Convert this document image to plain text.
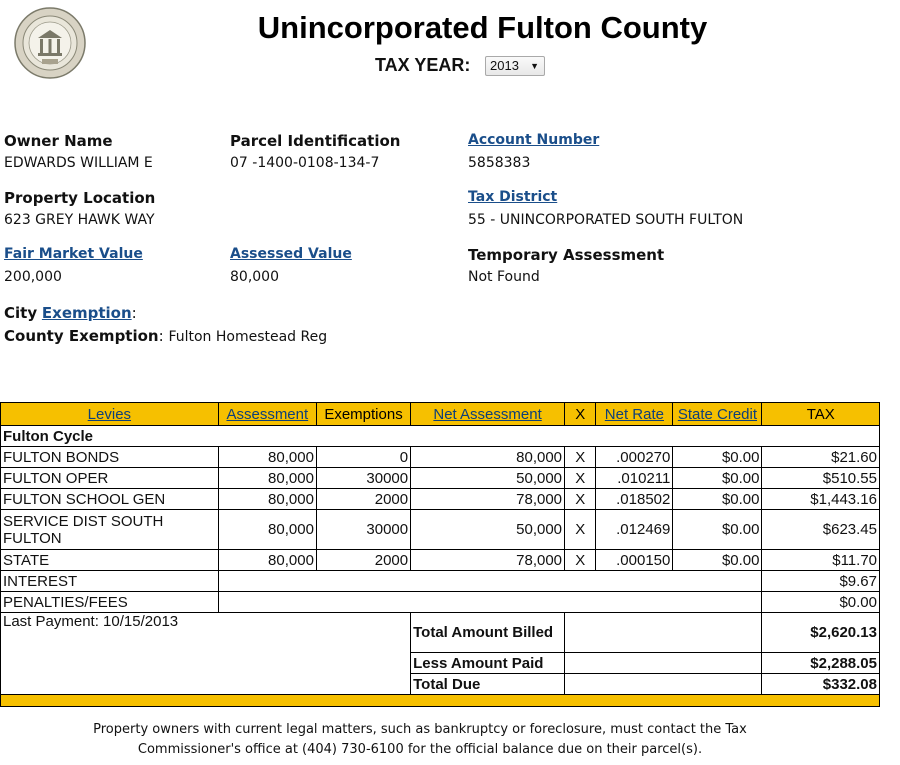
Unincorporated Fulton County
TAX YEAR:	2013 ▼
Owner Name
EDWARDS WILLIAM E
Parcel Identification
07 -1400-0108-134-7
Account Number
5858383
Property Location
623 GREY HAWK WAY
Tax District
55 - UNINCORPORATED SOUTH FULTON
Fair Market Value
200,000
Assessed Value
80,000
Temporary Assessment
Not Found
City Exemption:
County Exemption: Fulton Homestead Reg
Levies	Assessment	Exemptions	Net Assessment	X	Net Rate	State Credit	TAX
Fulton Cycle							
FULTON BONDS	80,000	0	80,000	X	.000270	$0.00	$21.60
FULTON OPER	80,000	30000	50,000	X	.010211	$0.00	$510.55
FULTON SCHOOL GEN	80,000	2000	78,000	X	.018502	$0.00	$1,443.16
SERVICE DIST SOUTH FULTON	80,000	30000	50,000	X	.012469	$0.00	$623.45
STATE	80,000	2000	78,000	X	.000150	$0.00	$11.70
INTEREST							$9.67
PENALTIES/FEES							$0.00
Last Payment: 10/15/2013			Total Amount Billed				$2,620.13
			Less Amount Paid				$2,288.05
			Total Due				$332.08

Property owners with current legal matters, such as bankruptcy or foreclosure, must contact the Tax
Commissioner's office at (404) 730-6100 for the official balance due on their parcel(s).
